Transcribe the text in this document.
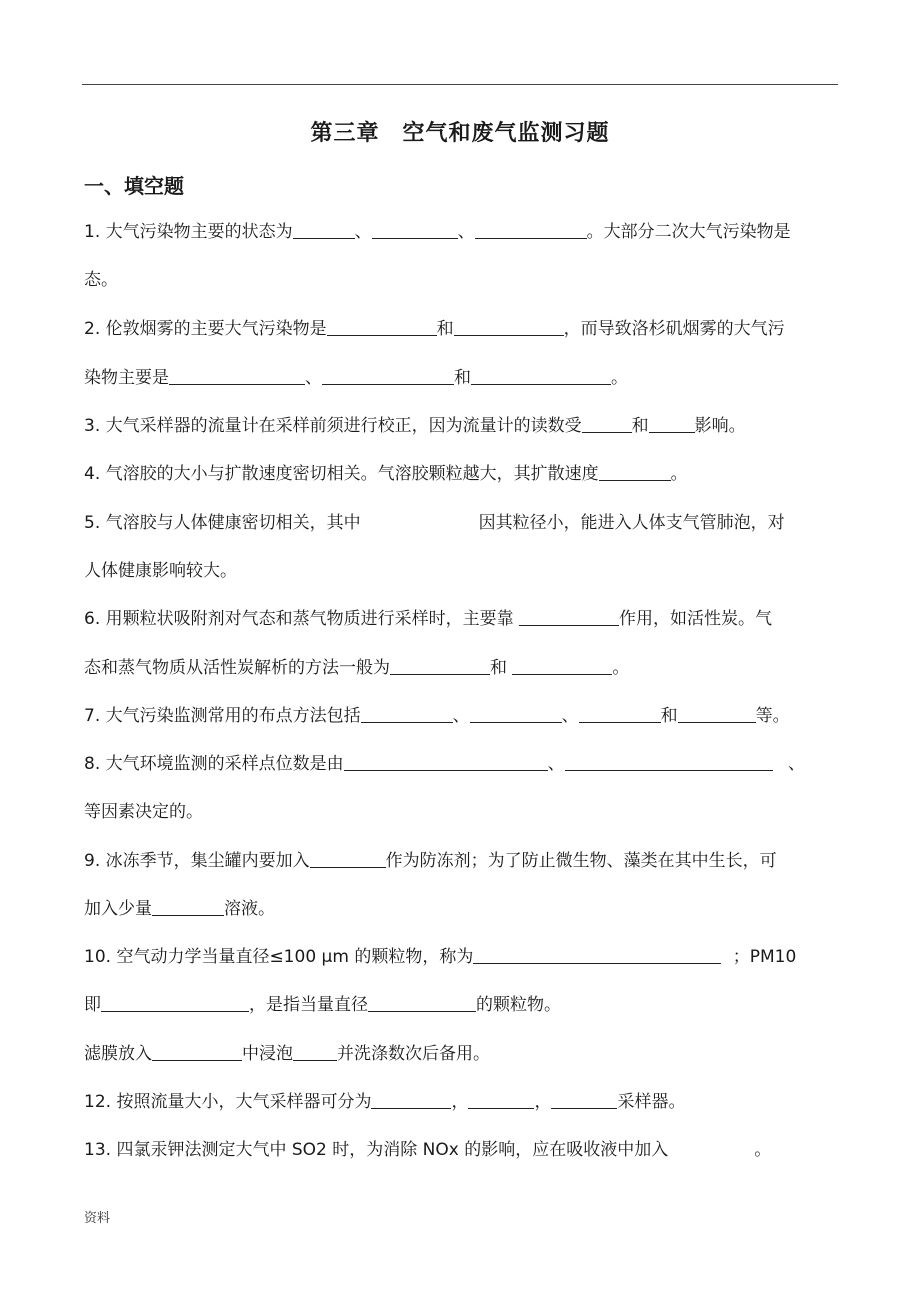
第三章　空气和废气监测习题
一、填空题
1. 大气污染物主要的状态为	、	、	。大部分二次大气污染物是
态。
2. 伦敦烟雾的主要大气污染物是	和	，而导致洛杉矶烟雾的大气污
染物主要是	、	和	。
3. 大气采样器的流量计在采样前须进行校正，因为流量计的读数受	和	影响。
4. 气溶胶的大小与扩散速度密切相关。气溶胶颗粒越大，其扩散速度	。
5. 气溶胶与人体健康密切相关，其中	因其粒径小，能进入人体支气管肺泡，对
人体健康影响较大。
6. 用颗粒状吸附剂对气态和蒸气物质进行采样时，主要靠	作用，如活性炭。气
态和蒸气物质从活性炭解析的方法一般为	和	。
7. 大气污染监测常用的布点方法包括	、	、	和	等。
8. 大气环境监测的采样点位数是由	、	、
等因素决定的。
9. 冰冻季节，集尘罐内要加入	作为防冻剂；为了防止微生物、藻类在其中生长，可
加入少量	溶液。
10. 空气动力学当量直径≤100 μm 的颗粒物，称为	；PM10
即	，是指当量直径	的颗粒物。
滤膜放入	中浸泡	并洗涤数次后备用。
12. 按照流量大小，大气采样器可分为	，	，	采样器。
13. 四氯汞钾法测定大气中 SO2 时，为消除 NOx 的影响，应在吸收液中加入	。
资料
